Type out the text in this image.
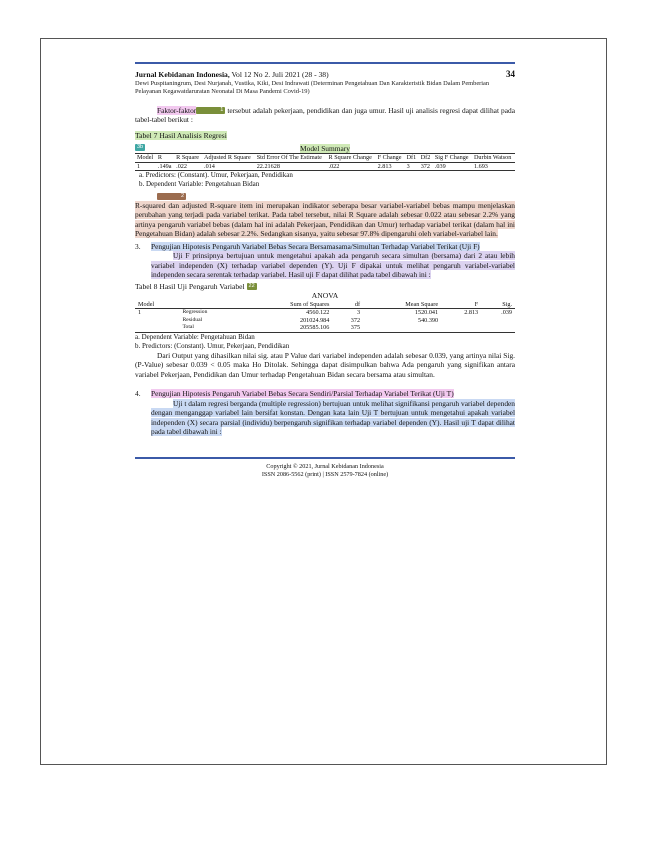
Jurnal Kebidanan Indonesia, Vol 12 No 2. Juli 2021 (28 - 38)	34
Dewi Puspitaningrum, Desi Nurjanah, Vustika, Kiki, Desi Indrawati (Determinan Pengetahuan Dan Karakteristik Bidan Dalam Pemberian Pelayanan Kegawatdaruratan Neonatal Di Masa Pandemi Covid-19)

Faktor-faktor	1 tersebut adalah pekerjaan, pendidikan dan juga umur. Hasil uji analisis regresi dapat dilihat pada tabel-tabel berikut :

Tabel 7 Hasil Analisis Regresi
3b	Model Summary
Model	R	R Square	Adjusted R Square	Std Error Of The Estimate	R Square Change	F Change	Df1	Df2	Sig F Change	Durbin Watson
1	.149a	.022	.014	22.21628	.022	2.813	3	372	.039	1.693
a. Predictors: (Constant). Umur, Pekerjaan, Pendidikan
b. Dependent Variable: Pengetahuan Bidan

2
R-squared dan adjusted R-square item ini merupakan indikator seberapa besar variabel-variabel bebas mampu menjelaskan perubahan yang terjadi pada variabel terikat. Pada tabel tersebut, nilai R Square adalah sebesar 0.022 atau sebesar 2.2% yang artinya pengaruh variabel bebas (dalam hal ini adalah Pekerjaan, Pendidikan dan Umur) terhadap variabel terikat (dalam hal ini Pengetahuan Bidan) adalah sebesar 2.2%. Sedangkan sisanya, yaitu sebesar 97.8% dipengaruhi oleh variabel-variabel lain.

3.	Pengujian Hipotesis Pengaruh Variabel Bebas Secara Bersamasama/Simultan Terhadap Variabel Terikat (Uji F)

Uji F prinsipnya bertujuan untuk mengetahui apakah ada pengaruh secara simultan (bersama) dari 2 atau lebih variabel independen (X) terhadap variabel dependen (Y). Uji F dipakai untuk melihat pengaruh variabel-variabel independen secara serentak terhadap variabel. Hasil uji F dapat dilihat pada tabel dibawah ini :

Tabel 8 Hasil Uji Pengaruh Variabel 22
ANOVA
Model		Sum of Squares	df	Mean Square	F	Sig.
1	Regression	4560.122	3	1520.041	2.813	.039
	Residual	201024.984	372	540.390		
	Total	205585.106	375			
a. Dependent Variable: Pengetahuan Bidan
b. Predictors: (Constant). Umur, Pekerjaan, Pendidikan

Dari Output yang dihasilkan nilai sig. atau P Value dari variabel independen adalah sebesar 0.039, yang artinya nilai Sig.(P-Value) sebesar 0.039 < 0.05 maka Ho Ditolak. Sehingga dapat disimpulkan bahwa Ada pengaruh yang signifikan antara variabel Pekerjaan, Pendidikan dan Umur terhadap Pengetahuan Bidan secara bersama atau simultan.

4.	Pengujian Hipotesis Pengaruh Variabel Bebas Secara Sendiri/Parsial Terhadap Variabel Terikat (Uji T)

Uji t dalam regresi berganda (multiple regression) bertujuan untuk melihat signifikansi pengaruh variabel dependen dengan menganggap variabel lain bersifat konstan. Dengan kata lain Uji T bertujuan untuk mengetahui apakah variabel independen (X) secara parsial (individu) berpengaruh signifikan terhadap variabel dependen (Y). Hasil uji T dapat dilihat pada tabel dibawah ini :

Copyright © 2021, Jurnal Kebidanan Indonesia
ISSN 2086-5562 (print) | ISSN 2579-7824 (online)
